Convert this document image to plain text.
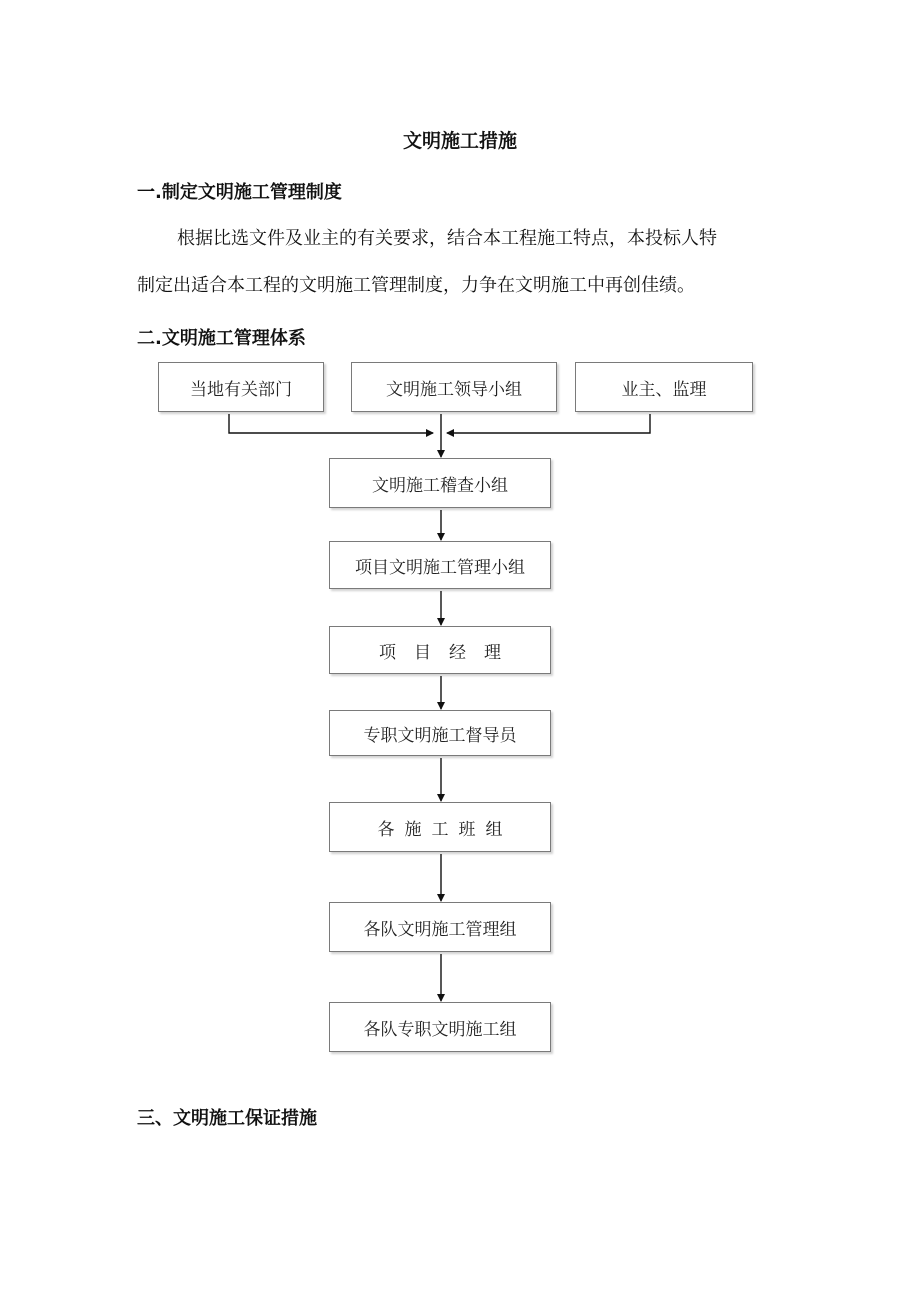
文明施工措施
一.制定文明施工管理制度

根据比选文件及业主的有关要求，结合本工程施工特点，本投标人特
制定出适合本工程的文明施工管理制度，力争在文明施工中再创佳绩。

二.文明施工管理体系
当地有关部门	文明施工领导小组	业主、监理
文明施工稽查小组
项目文明施工管理小组
项目经理
专职文明施工督导员
各施工班组
各队文明施工管理组
各队专职文明施工组
三、文明施工保证措施
